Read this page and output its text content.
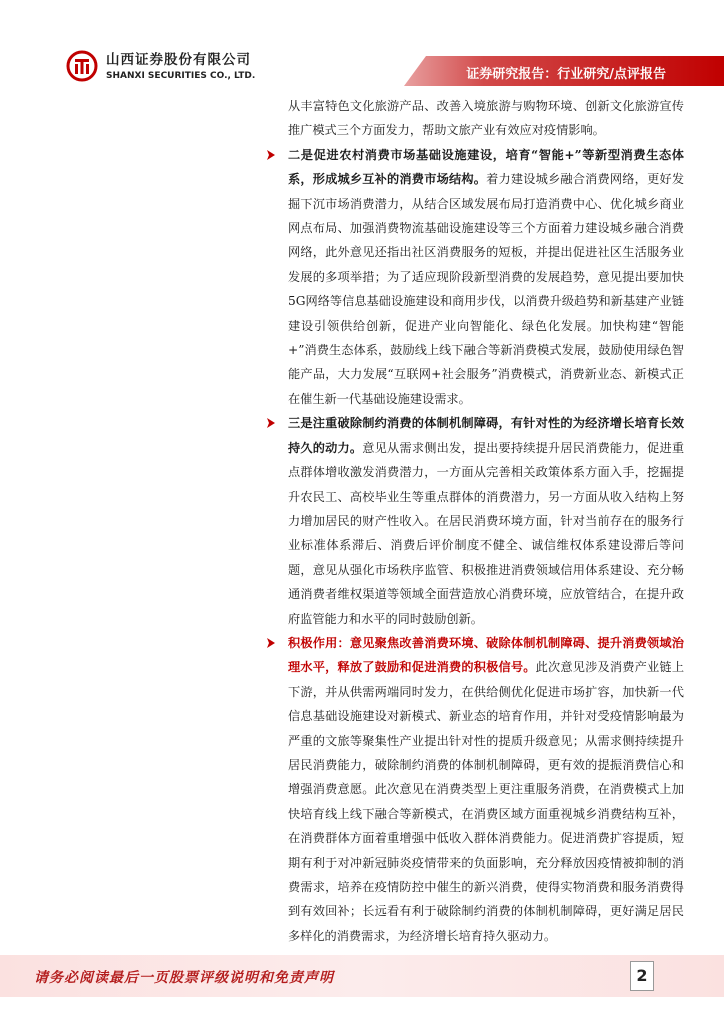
山西证券股份有限公司
SHANXI SECURITIES CO., LTD.	证券研究报告：行业研究/点评报告

从丰富特色文化旅游产品、改善入境旅游与购物环境、创新文化旅游宣传推广模式三个方面发力，帮助文旅产业有效应对疫情影响。

二是促进农村消费市场基础设施建设，培育“智能+”等新型消费生态体系，形成城乡互补的消费市场结构。着力建设城乡融合消费网络，更好发掘下沉市场消费潜力，从结合区域发展布局打造消费中心、优化城乡商业网点布局、加强消费物流基础设施建设等三个方面着力建设城乡融合消费网络，此外意见还指出社区消费服务的短板，并提出促进社区生活服务业发展的多项举措；为了适应现阶段新型消费的发展趋势，意见提出要加快5G网络等信息基础设施建设和商用步伐，以消费升级趋势和新基建产业链建设引领供给创新，促进产业向智能化、绿色化发展。加快构建“智能+”消费生态体系，鼓励线上线下融合等新消费模式发展，鼓励使用绿色智能产品，大力发展“互联网+社会服务”消费模式，消费新业态、新模式正在催生新一代基础设施建设需求。

三是注重破除制约消费的体制机制障碍，有针对性的为经济增长培育长效持久的动力。意见从需求侧出发，提出要持续提升居民消费能力，促进重点群体增收激发消费潜力，一方面从完善相关政策体系方面入手，挖掘提升农民工、高校毕业生等重点群体的消费潜力，另一方面从收入结构上努力增加居民的财产性收入。在居民消费环境方面，针对当前存在的服务行业标准体系滞后、消费后评价制度不健全、诚信维权体系建设滞后等问题，意见从强化市场秩序监管、积极推进消费领域信用体系建设、充分畅通消费者维权渠道等领域全面营造放心消费环境，应放管结合，在提升政府监管能力和水平的同时鼓励创新。

积极作用：意见聚焦改善消费环境、破除体制机制障碍、提升消费领域治理水平，释放了鼓励和促进消费的积极信号。此次意见涉及消费产业链上下游，并从供需两端同时发力，在供给侧优化促进市场扩容，加快新一代信息基础设施建设对新模式、新业态的培育作用，并针对受疫情影响最为严重的文旅等聚集性产业提出针对性的提质升级意见；从需求侧持续提升居民消费能力，破除制约消费的体制机制障碍，更有效的提振消费信心和增强消费意愿。此次意见在消费类型上更注重服务消费，在消费模式上加快培育线上线下融合等新模式，在消费区域方面重视城乡消费结构互补，在消费群体方面着重增强中低收入群体消费能力。促进消费扩容提质，短期有利于对冲新冠肺炎疫情带来的负面影响，充分释放因疫情被抑制的消费需求，培养在疫情防控中催生的新兴消费，使得实物消费和服务消费得到有效回补；长远看有利于破除制约消费的体制机制障碍，更好满足居民多样化的消费需求，为经济增长培育持久驱动力。

请务必阅读最后一页股票评级说明和免责声明	2
